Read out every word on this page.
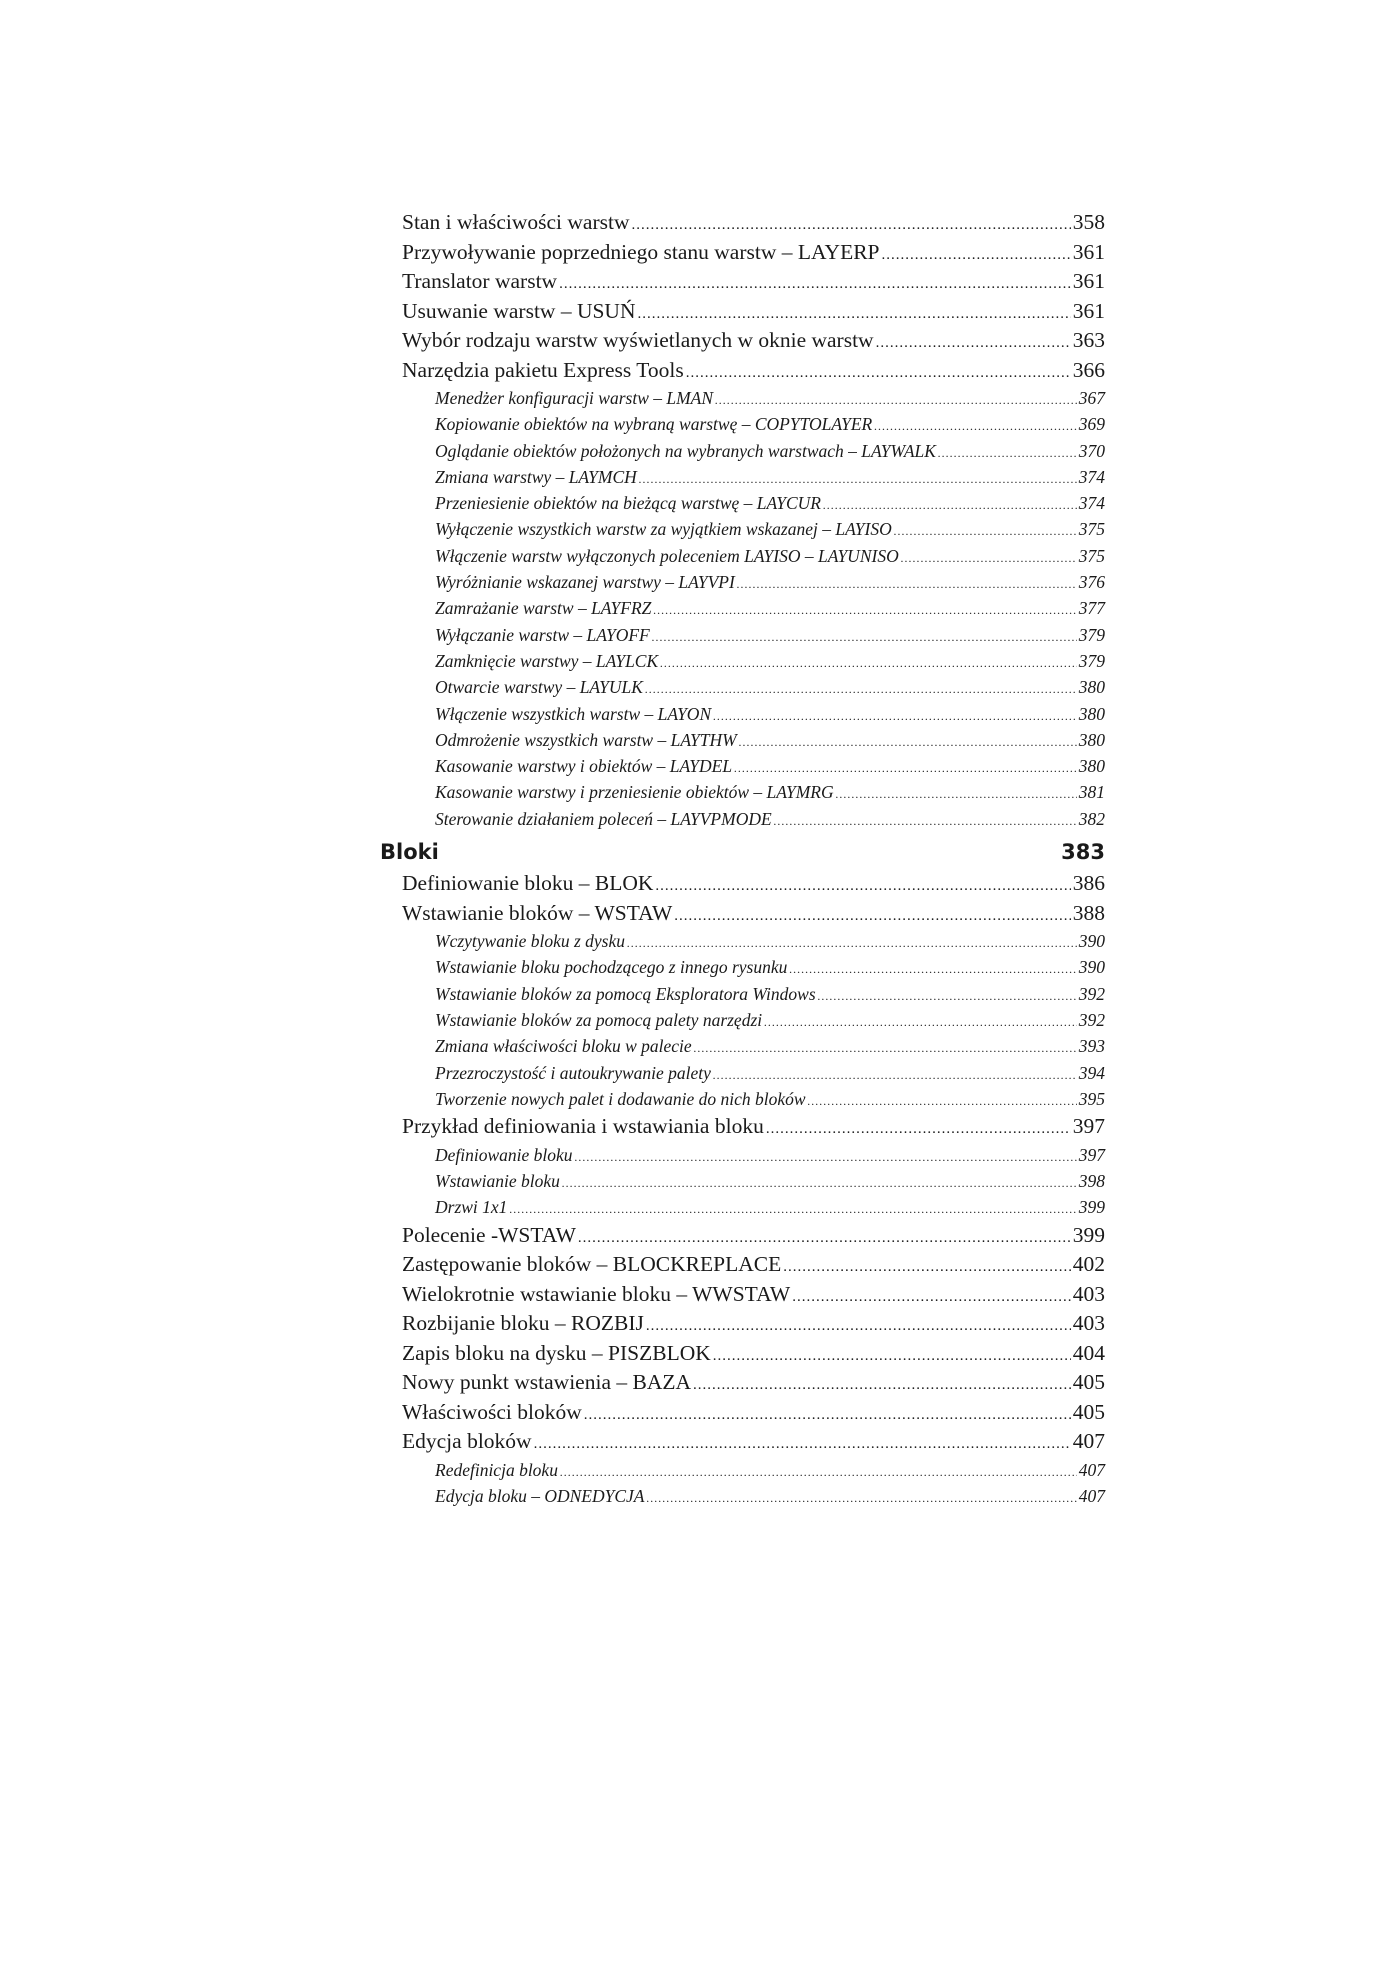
Stan i właściwości warstw .....	358
Przywoływanie poprzedniego stanu warstw – LAYERP .....	361
Translator warstw .....	361
Usuwanie warstw – USUŃ .....	361
Wybór rodzaju warstw wyświetlanych w oknie warstw .....	363
Narzędzia pakietu Express Tools .....	366
Menedżer konfiguracji warstw – LMAN .....	367
Kopiowanie obiektów na wybraną warstwę – COPYTOLAYER .....	369
Oglądanie obiektów położonych na wybranych warstwach – LAYWALK .....	370
Zmiana warstwy – LAYMCH .....	374
Przeniesienie obiektów na bieżącą warstwę – LAYCUR .....	374
Wyłączenie wszystkich warstw za wyjątkiem wskazanej – LAYISO .....	375
Włączenie warstw wyłączonych poleceniem LAYISO – LAYUNISO .....	375
Wyróżnianie wskazanej warstwy – LAYVPI .....	376
Zamrażanie warstw – LAYFRZ .....	377
Wyłączanie warstw – LAYOFF .....	379
Zamknięcie warstwy – LAYLCK .....	379
Otwarcie warstwy – LAYULK .....	380
Włączenie wszystkich warstw – LAYON .....	380
Odmrożenie wszystkich warstw – LAYTHW .....	380
Kasowanie warstwy i obiektów – LAYDEL .....	380
Kasowanie warstwy i przeniesienie obiektów – LAYMRG .....	381
Sterowanie działaniem poleceń – LAYVPMODE .....	382
Bloki	383
Definiowanie bloku – BLOK .....	386
Wstawianie bloków – WSTAW .....	388
Wczytywanie bloku z dysku .....	390
Wstawianie bloku pochodzącego z innego rysunku .....	390
Wstawianie bloków za pomocą Eksploratora Windows .....	392
Wstawianie bloków za pomocą palety narzędzi .....	392
Zmiana właściwości bloku w palecie .....	393
Przezroczystość i autoukrywanie palety .....	394
Tworzenie nowych palet i dodawanie do nich bloków .....	395
Przykład definiowania i wstawiania bloku .....	397
Definiowanie bloku .....	397
Wstawianie bloku .....	398
Drzwi 1x1 .....	399
Polecenie -WSTAW .....	399
Zastępowanie bloków – BLOCKREPLACE .....	402
Wielokrotnie wstawianie bloku – WWSTAW .....	403
Rozbijanie bloku – ROZBIJ .....	403
Zapis bloku na dysku – PISZBLOK .....	404
Nowy punkt wstawienia – BAZA .....	405
Właściwości bloków .....	405
Edycja bloków .....	407
Redefinicja bloku .....	407
Edycja bloku – ODNEDYCJA .....	407
